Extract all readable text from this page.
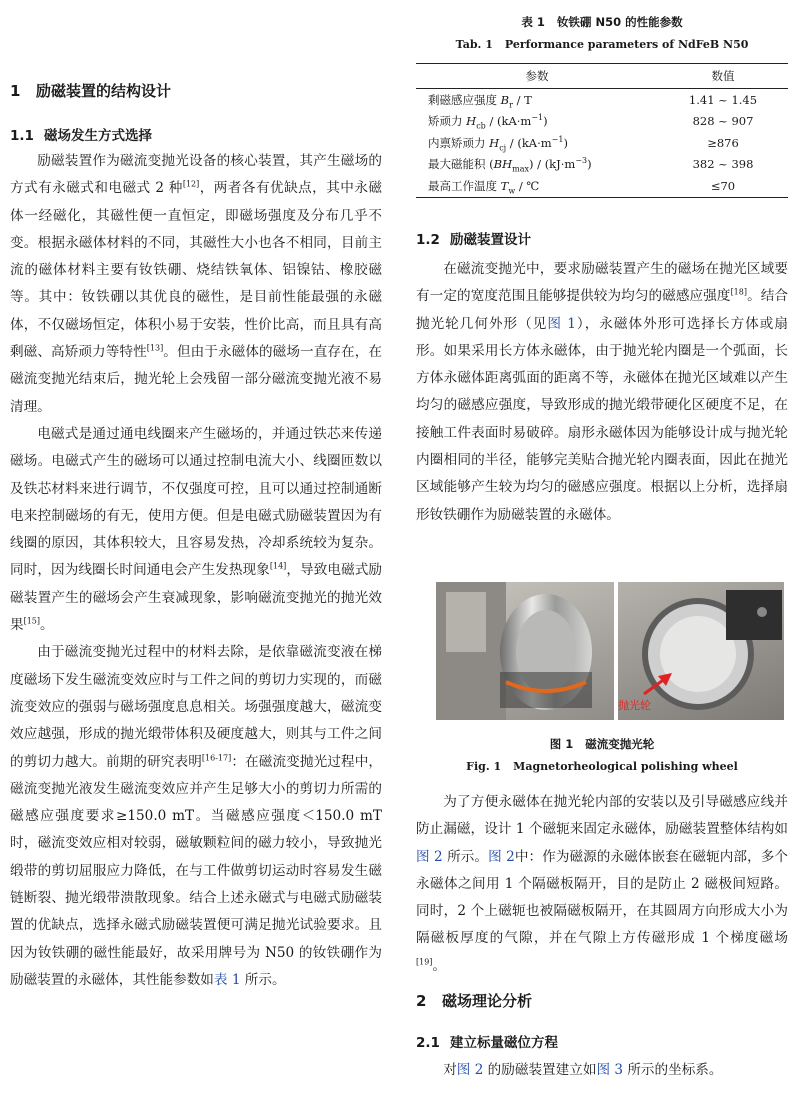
1 励磁装置的结构设计
1.1 磁场发生方式选择

励磁装置作为磁流变抛光设备的核心装置，其产生磁场的方式有永磁式和电磁式 2 种[12]，两者各有优缺点，其中永磁体一经磁化，其磁性便一直恒定，即磁场强度及分布几乎不变。根据永磁体材料的不同，其磁性大小也各不相同，目前主流的磁体材料主要有钕铁硼、烧结铁氧体、铝镍钴、橡胶磁等。其中：钕铁硼以其优良的磁性，是目前性能最强的永磁体，不仅磁场恒定，体积小易于安装，性价比高，而且具有高剩磁、高矫顽力等特性[13]。但由于永磁体的磁场一直存在，在磁流变抛光结束后，抛光轮上会残留一部分磁流变抛光液不易清理。

电磁式是通过通电线圈来产生磁场的，并通过铁芯来传递磁场。电磁式产生的磁场可以通过控制电流大小、线圈匝数以及铁芯材料来进行调节，不仅强度可控，且可以通过控制通断电来控制磁场的有无，使用方便。但是电磁式励磁装置因为有线圈的原因，其体积较大，且容易发热，冷却系统较为复杂。同时，因为线圈长时间通电会产生发热现象[14]，导致电磁式励磁装置产生的磁场会产生衰减现象，影响磁流变抛光的抛光效果[15]。

由于磁流变抛光过程中的材料去除，是依靠磁流变液在梯度磁场下发生磁流变效应时与工件之间的剪切力实现的，而磁流变效应的强弱与磁场强度息息相关。场强强度越大，磁流变效应越强，形成的抛光缎带体积及硬度越大，则其与工件之间的剪切力越大。前期的研究表明[16-17]：在磁流变抛光过程中，磁流变抛光液发生磁流变效应并产生足够大小的剪切力所需的磁感应强度要求≥150.0 mT。当磁感应强度＜150.0 mT 时，磁流变效应相对较弱，磁敏颗粒间的磁力较小，导致抛光缎带的剪切屈服应力降低，在与工件做剪切运动时容易发生磁链断裂、抛光缎带溃散现象。结合上述永磁式与电磁式励磁装置的优缺点，选择永磁式励磁装置便可满足抛光试验要求。且因为钕铁硼的磁性能最好，故采用牌号为 N50 的钕铁硼作为励磁装置的永磁体，其性能参数如表 1 所示。

表 1 钕铁硼 N50 的性能参数
Tab. 1 Performance parameters of NdFeB N50
参数	数值
剩磁感应强度 $B_r$ / T	1.41 ~ 1.45
矫顽力 $H_{cb} / (kA\cdot m^{-1})$	828 ~ 907
内禀矫顽力 $H_{cj} / (kA\cdot m^{-1})$	≥876
最大磁能积 $(BH_{max}) / (kJ\cdot m^{-3})$	382 ~ 398
最高工作温度 $T_w$ / ℃	≤70
1.2 励磁装置设计

在磁流变抛光中，要求励磁装置产生的磁场在抛光区域要有一定的宽度范围且能够提供较为均匀的磁感应强度[18]。结合抛光轮几何外形（见图 1），永磁体外形可选择长方体或扇形。如果采用长方体永磁体，由于抛光轮内圈是一个弧面，长方体永磁体距离弧面的距离不等，永磁体在抛光区域难以产生均匀的磁感应强度，导致形成的抛光缎带硬化区硬度不足，在接触工件表面时易破碎。扇形永磁体因为能够设计成与抛光轮内圈相同的半径，能够完美贴合抛光轮内圈表面，因此在抛光区域能够产生较为均匀的磁感应强度。根据以上分析，选择扇形钕铁硼作为励磁装置的永磁体。

抛光轮
图 1 磁流变抛光轮
Fig. 1 Magnetorheological polishing wheel

为了方便永磁体在抛光轮内部的安装以及引导磁感应线并防止漏磁，设计 1 个磁轭来固定永磁体，励磁装置整体结构如图 2 所示。图 2中：作为磁源的永磁体嵌套在磁轭内部，多个永磁体之间用 1 个隔磁板隔开，目的是防止 2 磁极间短路。同时，2 个上磁轭也被隔磁板隔开，在其圆周方向形成大小为隔磁板厚度的气隙，并在气隙上方传磁形成 1 个梯度磁场[19]。

2 磁场理论分析
2.1 建立标量磁位方程

对图 2 的励磁装置建立如图 3 所示的坐标系。
